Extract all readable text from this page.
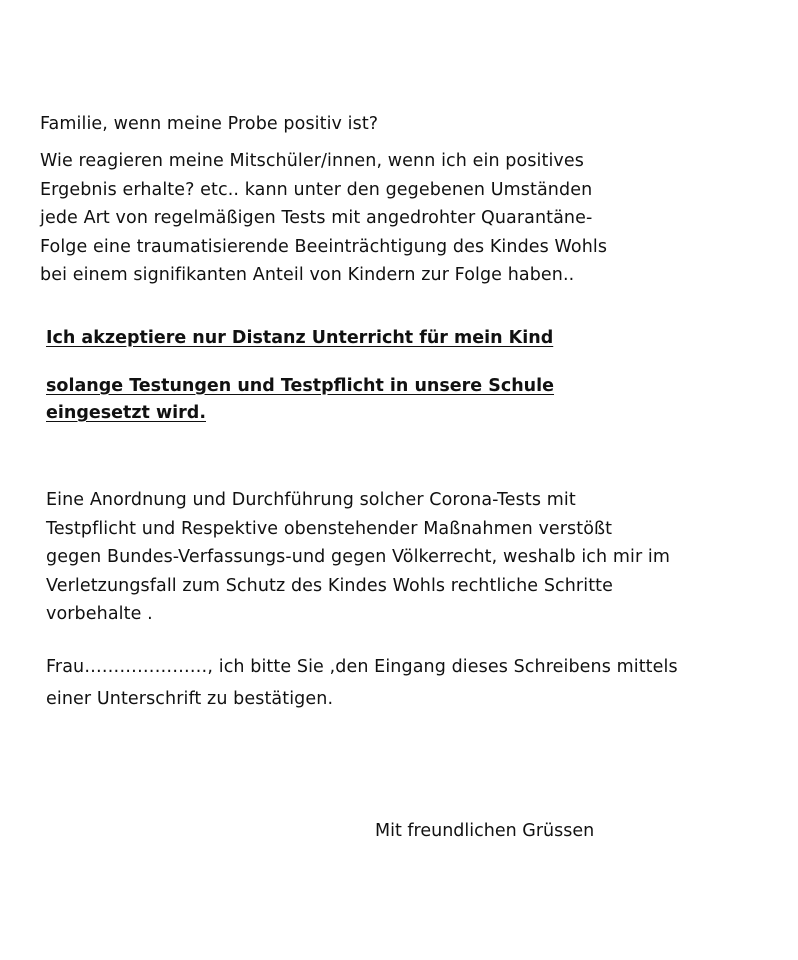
Familie, wenn meine Probe positiv ist?

Wie reagieren meine Mitschüler/innen, wenn ich ein positives
Ergebnis erhalte? etc.. kann unter den gegebenen Umständen
jede Art von regelmäßigen Tests mit angedrohter Quarantäne-
Folge eine traumatisierende Beeinträchtigung des Kindes Wohls
bei einem signifikanten Anteil von Kindern zur Folge haben..

Ich akzeptiere nur Distanz Unterricht für mein Kind

solange Testungen und Testpflicht in unsere Schule
eingesetzt wird.

Eine Anordnung und Durchführung solcher Corona-Tests mit
Testpflicht und Respektive obenstehender Maßnahmen verstößt
gegen Bundes-Verfassungs-und gegen Völkerrecht, weshalb ich mir im
Verletzungsfall zum Schutz des Kindes Wohls rechtliche Schritte
vorbehalte .

Frau…………………, ich bitte Sie ,den Eingang dieses Schreibens mittels
einer Unterschrift zu bestätigen.

Mit freundlichen Grüssen
